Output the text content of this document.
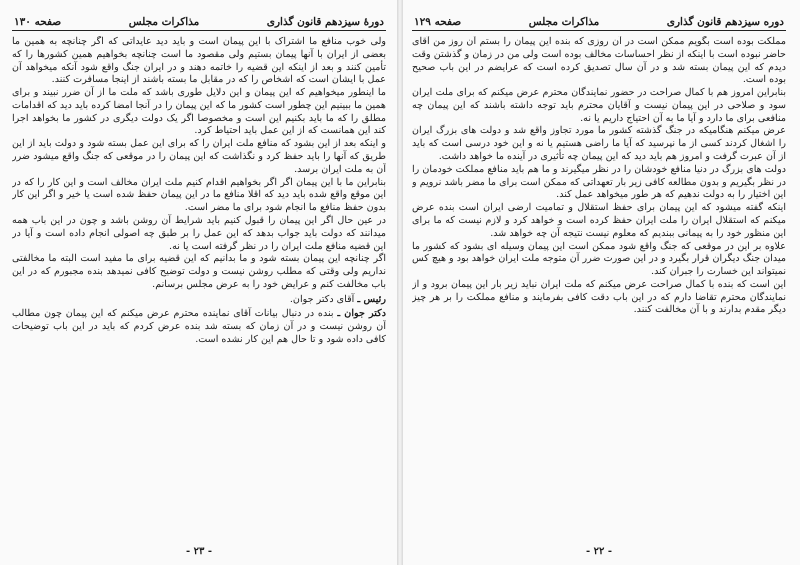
دورهٔ سیزدهم قانون گذاری
مذاکرات مجلس
صفحه ۱۳۰

ولی خوب منافع ما اشتراک با این پیمان است و باید دید عایداتی که اگر چنانچه به همین ما بعضی از ایران با آنها پیمان بستیم ولی مقصود ما است چنانچه بخواهیم همین کشورها را که تأمین کنند و بعد از اینکه این قضیه را خاتمه دهند و در ایران جنگ واقع شود آنکه میخواهد آن عمل با ایشان است که اشخاص را که در مقابل ما بسته باشند از اینجا مسافرت کنند.

ما اینطور میخواهیم که این پیمان و این دلایل طوری باشد که ملت ما از آن ضرر نبیند و برای همین ما ببینیم این چطور است کشور ما که این پیمان را در آنجا امضا کرده باید دید که اقدامات مطلق را که ما باید بکنیم این است و مخصوصا اگر یک دولت دیگری در کشور ما بخواهد اجرا کند این همانست که از این عمل باید احتیاط کرد.

و اینکه بعد از این بشود که منافع ملت ایران را که برای این عمل بسته شود و دولت باید از این طریق که آنها را باید حفظ کرد و نگذاشت که این پیمان را در موقعی که جنگ واقع میشود ضرر آن به ملت ایران برسد.

بنابراین ما با این پیمان اگر اگر بخواهیم اقدام کنیم ملت ایران مخالف است و این کار را که در این موقع واقع شده باید دید که اقلا منافع ما در این پیمان حفظ شده است یا خیر و اگر این کار بدون حفظ منافع ما انجام شود برای ما مضر است.

در عین حال اگر این پیمان را قبول کنیم باید شرایط آن روشن باشد و چون در این باب همه میدانند که دولت باید جواب بدهد که این عمل را بر طبق چه اصولی انجام داده است و آیا در این قضیه منافع ملت ایران را در نظر گرفته است یا نه.

اگر چنانچه این پیمان بسته شود و ما بدانیم که این قضیه برای ما مفید است البته ما مخالفتی نداریم ولی وقتی که مطلب روشن نیست و دولت توضیح کافی نمیدهد بنده مجبورم که در این باب مخالفت کنم و عرایض خود را به عرض مجلس برسانم.

رئیس ـ آقای دکتر جوان.

دکتر جوان ـ بنده در دنبال بیانات آقای نماینده محترم عرض میکنم که این پیمان چون مطالب آن روشن نیست و در آن زمان که بسته شد بنده عرض کردم که باید در این باب توضیحات کافی داده شود و تا حال هم این کار نشده است.

- ۲۳ -
دوره سیزدهم قانون گذاری
مذاکرات مجلس
صفحه ۱۲۹

مملکت بوده است بگویم ممکن است در آن روزی که بنده این پیمان را بستم آن روز من آقای حاضر نبوده است با اینکه از نظر احساسات مخالف بوده است ولی من در زمان و گذشتن وقت دیدم که این پیمان بسته شد و در آن سال تصدیق کرده است که عرایضم در این باب صحیح بوده است.

بنابراین امروز هم با کمال صراحت در حضور نمایندگان محترم عرض میکنم که برای ملت ایران سود و صلاحی در این پیمان نیست و آقایان محترم باید توجه داشته باشند که این پیمان چه منافعی برای ما دارد و آیا ما به آن احتیاج داریم یا نه.

عرض میکنم هنگامیکه در جنگ گذشته کشور ما مورد تجاوز واقع شد و دولت های بزرگ ایران را اشغال کردند کسی از ما نپرسید که آیا ما راضی هستیم یا نه و این خود درسی است که باید از آن عبرت گرفت و امروز هم باید دید که این پیمان چه تأثیری در آینده ما خواهد داشت.

دولت های بزرگ در دنیا منافع خودشان را در نظر میگیرند و ما هم باید منافع مملکت خودمان را در نظر بگیریم و بدون مطالعه کافی زیر بار تعهداتی که ممکن است برای ما مضر باشد نرویم و این اختیار را به دولت ندهیم که هر طور میخواهد عمل کند.

اینکه گفته میشود که این پیمان برای حفظ استقلال و تمامیت ارضی ایران است بنده عرض میکنم که استقلال ایران را ملت ایران حفظ کرده است و خواهد کرد و لازم نیست که ما برای این منظور خود را به پیمانی ببندیم که معلوم نیست نتیجه آن چه خواهد شد.

علاوه بر این در موقعی که جنگ واقع شود ممکن است این پیمان وسیله ای بشود که کشور ما میدان جنگ دیگران قرار بگیرد و در این صورت ضرر آن متوجه ملت ایران خواهد بود و هیچ کس نمیتواند این خسارت را جبران کند.

این است که بنده با کمال صراحت عرض میکنم که ملت ایران نباید زیر بار این پیمان برود و از نمایندگان محترم تقاضا دارم که در این باب دقت کافی بفرمایند و منافع مملکت را بر هر چیز دیگر مقدم بدارند و با آن مخالفت کنند.

- ۲۲ -
